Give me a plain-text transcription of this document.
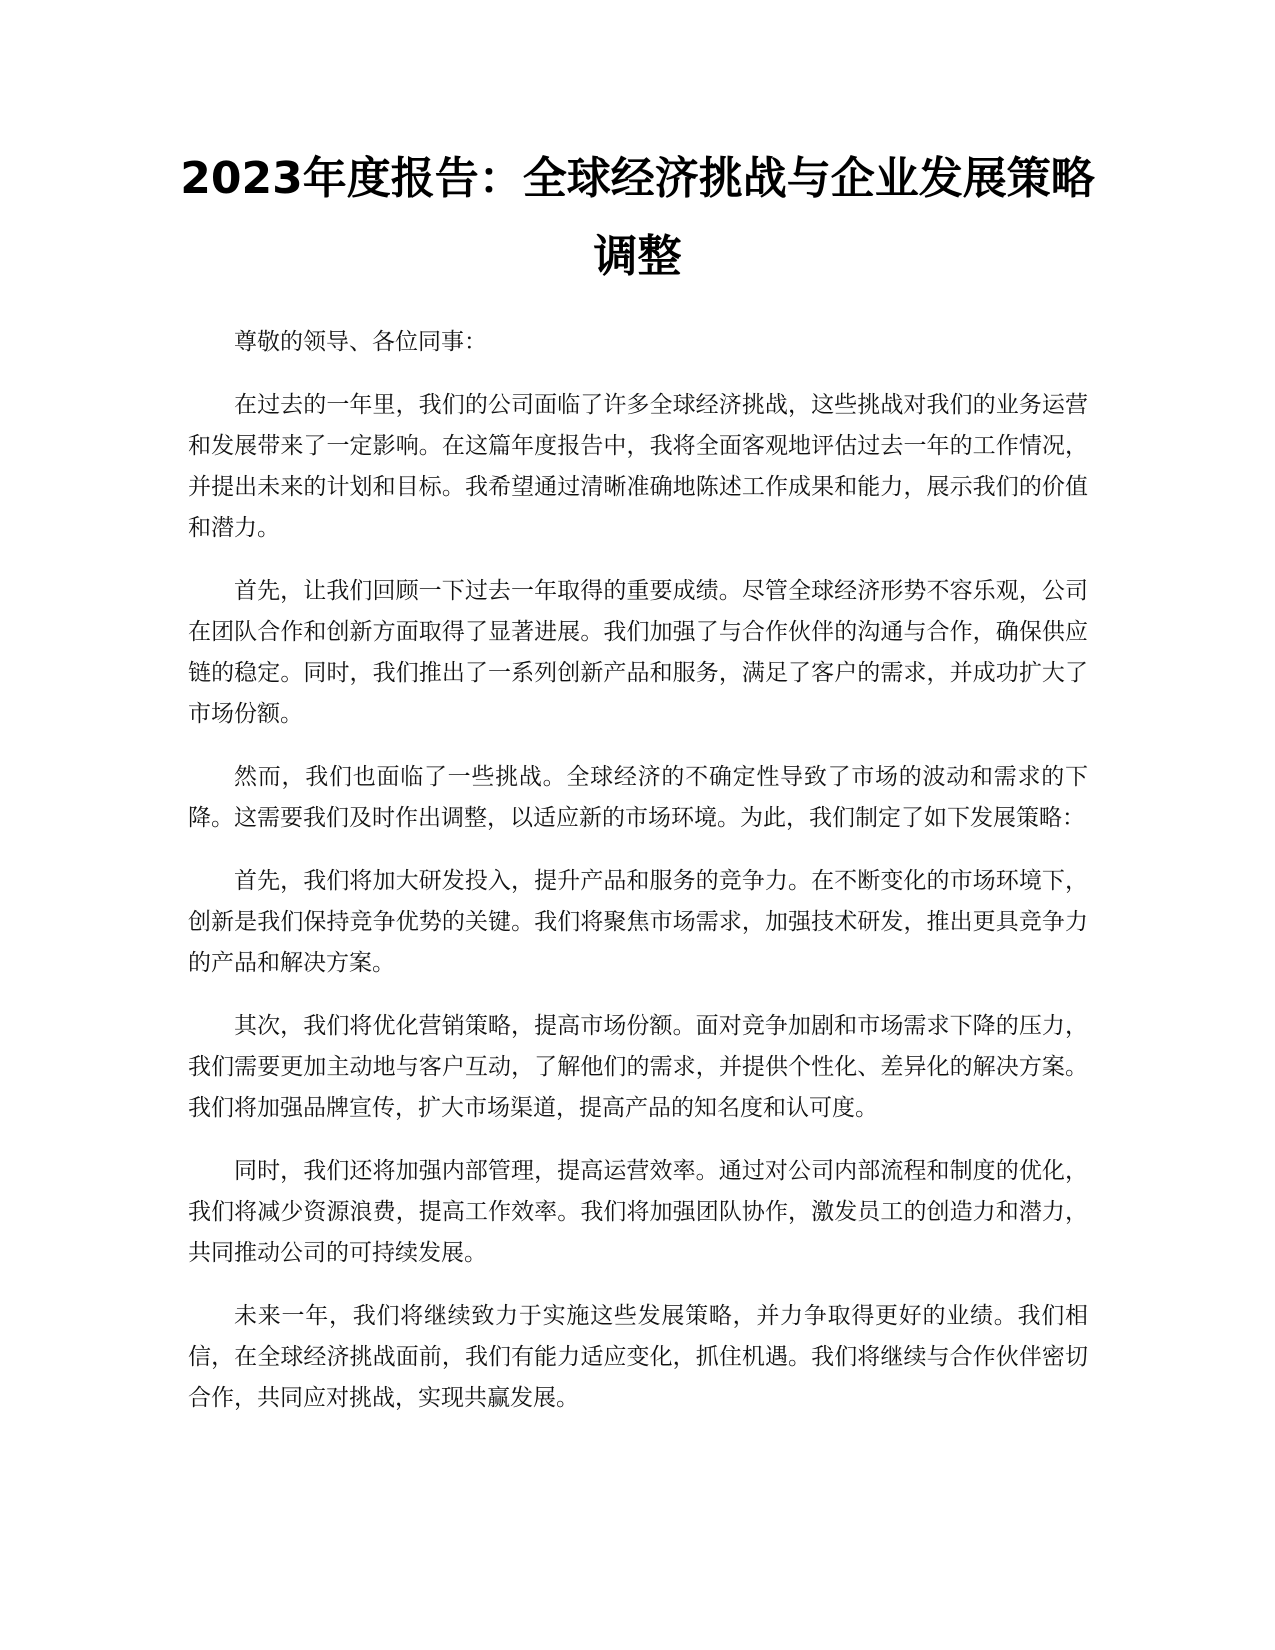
2023年度报告：全球经济挑战与企业发展策略调整

尊敬的领导、各位同事：

在过去的一年里，我们的公司面临了许多全球经济挑战，这些挑战对我们的业务运营和发展带来了一定影响。在这篇年度报告中，我将全面客观地评估过去一年的工作情况，并提出未来的计划和目标。我希望通过清晰准确地陈述工作成果和能力，展示我们的价值和潜力。

首先，让我们回顾一下过去一年取得的重要成绩。尽管全球经济形势不容乐观，公司在团队合作和创新方面取得了显著进展。我们加强了与合作伙伴的沟通与合作，确保供应链的稳定。同时，我们推出了一系列创新产品和服务，满足了客户的需求，并成功扩大了市场份额。

然而，我们也面临了一些挑战。全球经济的不确定性导致了市场的波动和需求的下降。这需要我们及时作出调整，以适应新的市场环境。为此，我们制定了如下发展策略：

首先，我们将加大研发投入，提升产品和服务的竞争力。在不断变化的市场环境下，创新是我们保持竞争优势的关键。我们将聚焦市场需求，加强技术研发，推出更具竞争力的产品和解决方案。

其次，我们将优化营销策略，提高市场份额。面对竞争加剧和市场需求下降的压力，我们需要更加主动地与客户互动，了解他们的需求，并提供个性化、差异化的解决方案。我们将加强品牌宣传，扩大市场渠道，提高产品的知名度和认可度。

同时，我们还将加强内部管理，提高运营效率。通过对公司内部流程和制度的优化，我们将减少资源浪费，提高工作效率。我们将加强团队协作，激发员工的创造力和潜力，共同推动公司的可持续发展。

未来一年，我们将继续致力于实施这些发展策略，并力争取得更好的业绩。我们相信，在全球经济挑战面前，我们有能力适应变化，抓住机遇。我们将继续与合作伙伴密切合作，共同应对挑战，实现共赢发展。
